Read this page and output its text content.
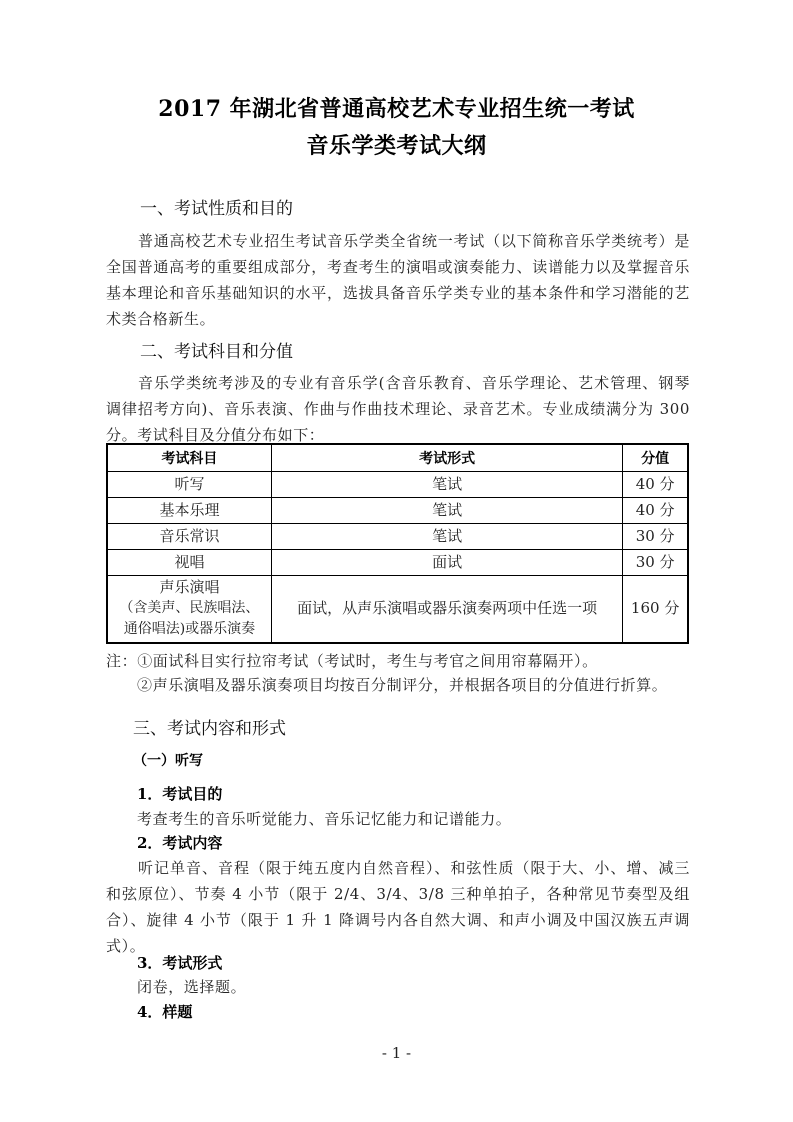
2017 年湖北省普通高校艺术专业招生统一考试
音乐学类考试大纲
一、考试性质和目的
普通高校艺术专业招生考试音乐学类全省统一考试（以下简称音乐学类统考）是全国普通高考的重要组成部分，考查考生的演唱或演奏能力、读谱能力以及掌握音乐基本理论和音乐基础知识的水平，选拔具备音乐学类专业的基本条件和学习潜能的艺术类合格新生。
二、考试科目和分值
音乐学类统考涉及的专业有音乐学(含音乐教育、音乐学理论、艺术管理、钢琴调律招考方向)、音乐表演、作曲与作曲技术理论、录音艺术。专业成绩满分为 300 分。考试科目及分值分布如下：
考试科目	考试形式	分值
听写	笔试	40 分
基本乐理	笔试	40 分
音乐常识	笔试	30 分
视唱	面试	30 分

声乐演唱
（含美声、民族唱法、
通俗唱法)或器乐演奏	面试，从声乐演唱或器乐演奏两项中任选一项	160 分
注：①面试科目实行拉帘考试（考试时，考生与考官之间用帘幕隔开）。
②声乐演唱及器乐演奏项目均按百分制评分，并根据各项目的分值进行折算。
三、考试内容和形式
（一）听写
1．考试目的
考查考生的音乐听觉能力、音乐记忆能力和记谱能力。
2．考试内容
听记单音、音程（限于纯五度内自然音程）、和弦性质（限于大、小、增、减三和弦原位）、节奏 4 小节（限于 2/4、3/4、3/8 三种单拍子，各种常见节奏型及组合）、旋律 4 小节（限于 1 升 1 降调号内各自然大调、和声小调及中国汉族五声调式）。
3．考试形式
闭卷，选择题。
4．样题
- 1 -
